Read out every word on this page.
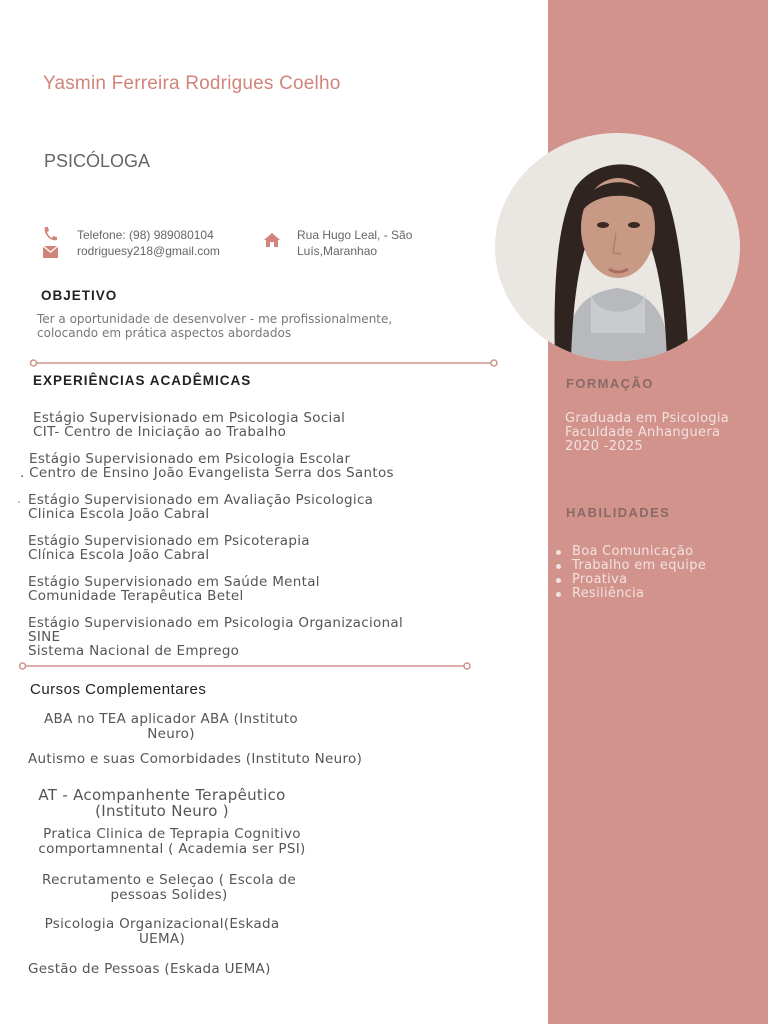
Yasmin Ferreira Rodrigues Coelho
PSICÓLOGA
Telefone: (98) 989080104
rodriguesy218@gmail.com
Rua Hugo Leal, - São
Luís,Maranhao
OBJETIVO
Ter a oportunidade de desenvolver - me profissionalmente,
colocando em prática aspectos abordados
EXPERIÊNCIAS ACADÊMICAS
Estágio Supervisionado em Psicologia Social
CIT- Centro de Iniciação ao Trabalho
Estágio Supervisionado em Psicologia Escolar
. Centro de Ensino João Evangelista Serra dos Santos
. Estágio Supervisionado em Avaliação Psicologica
Clinica Escola João Cabral
Estágio Supervisionado em Psicoterapia
Clínica Escola João Cabral
Estágio Supervisionado em Saúde Mental
Comunidade Terapêutica Betel
Estágio Supervisionado em Psicologia Organizacional
SINE
Sistema Nacional de Emprego
Cursos Complementares
ABA no TEA aplicador ABA (Instituto
Neuro)
Autismo e suas Comorbidades (Instituto Neuro)
AT - Acompanhente Terapêutico
(Instituto Neuro )
Pratica Clinica de Teprapia Cognitivo
comportamnental ( Academia ser PSI)
Recrutamento e Seleçao ( Escola de
pessoas Solides)
Psicologia Organizacional(Eskada
UEMA)
Gestão de Pessoas (Eskada UEMA)
FORMAÇÃO
Graduada em Psicologia
Faculdade Anhanguera
2020 -2025
HABILIDADES
Boa Comunicação
Trabalho em equipe
Proativa
Resiliência
